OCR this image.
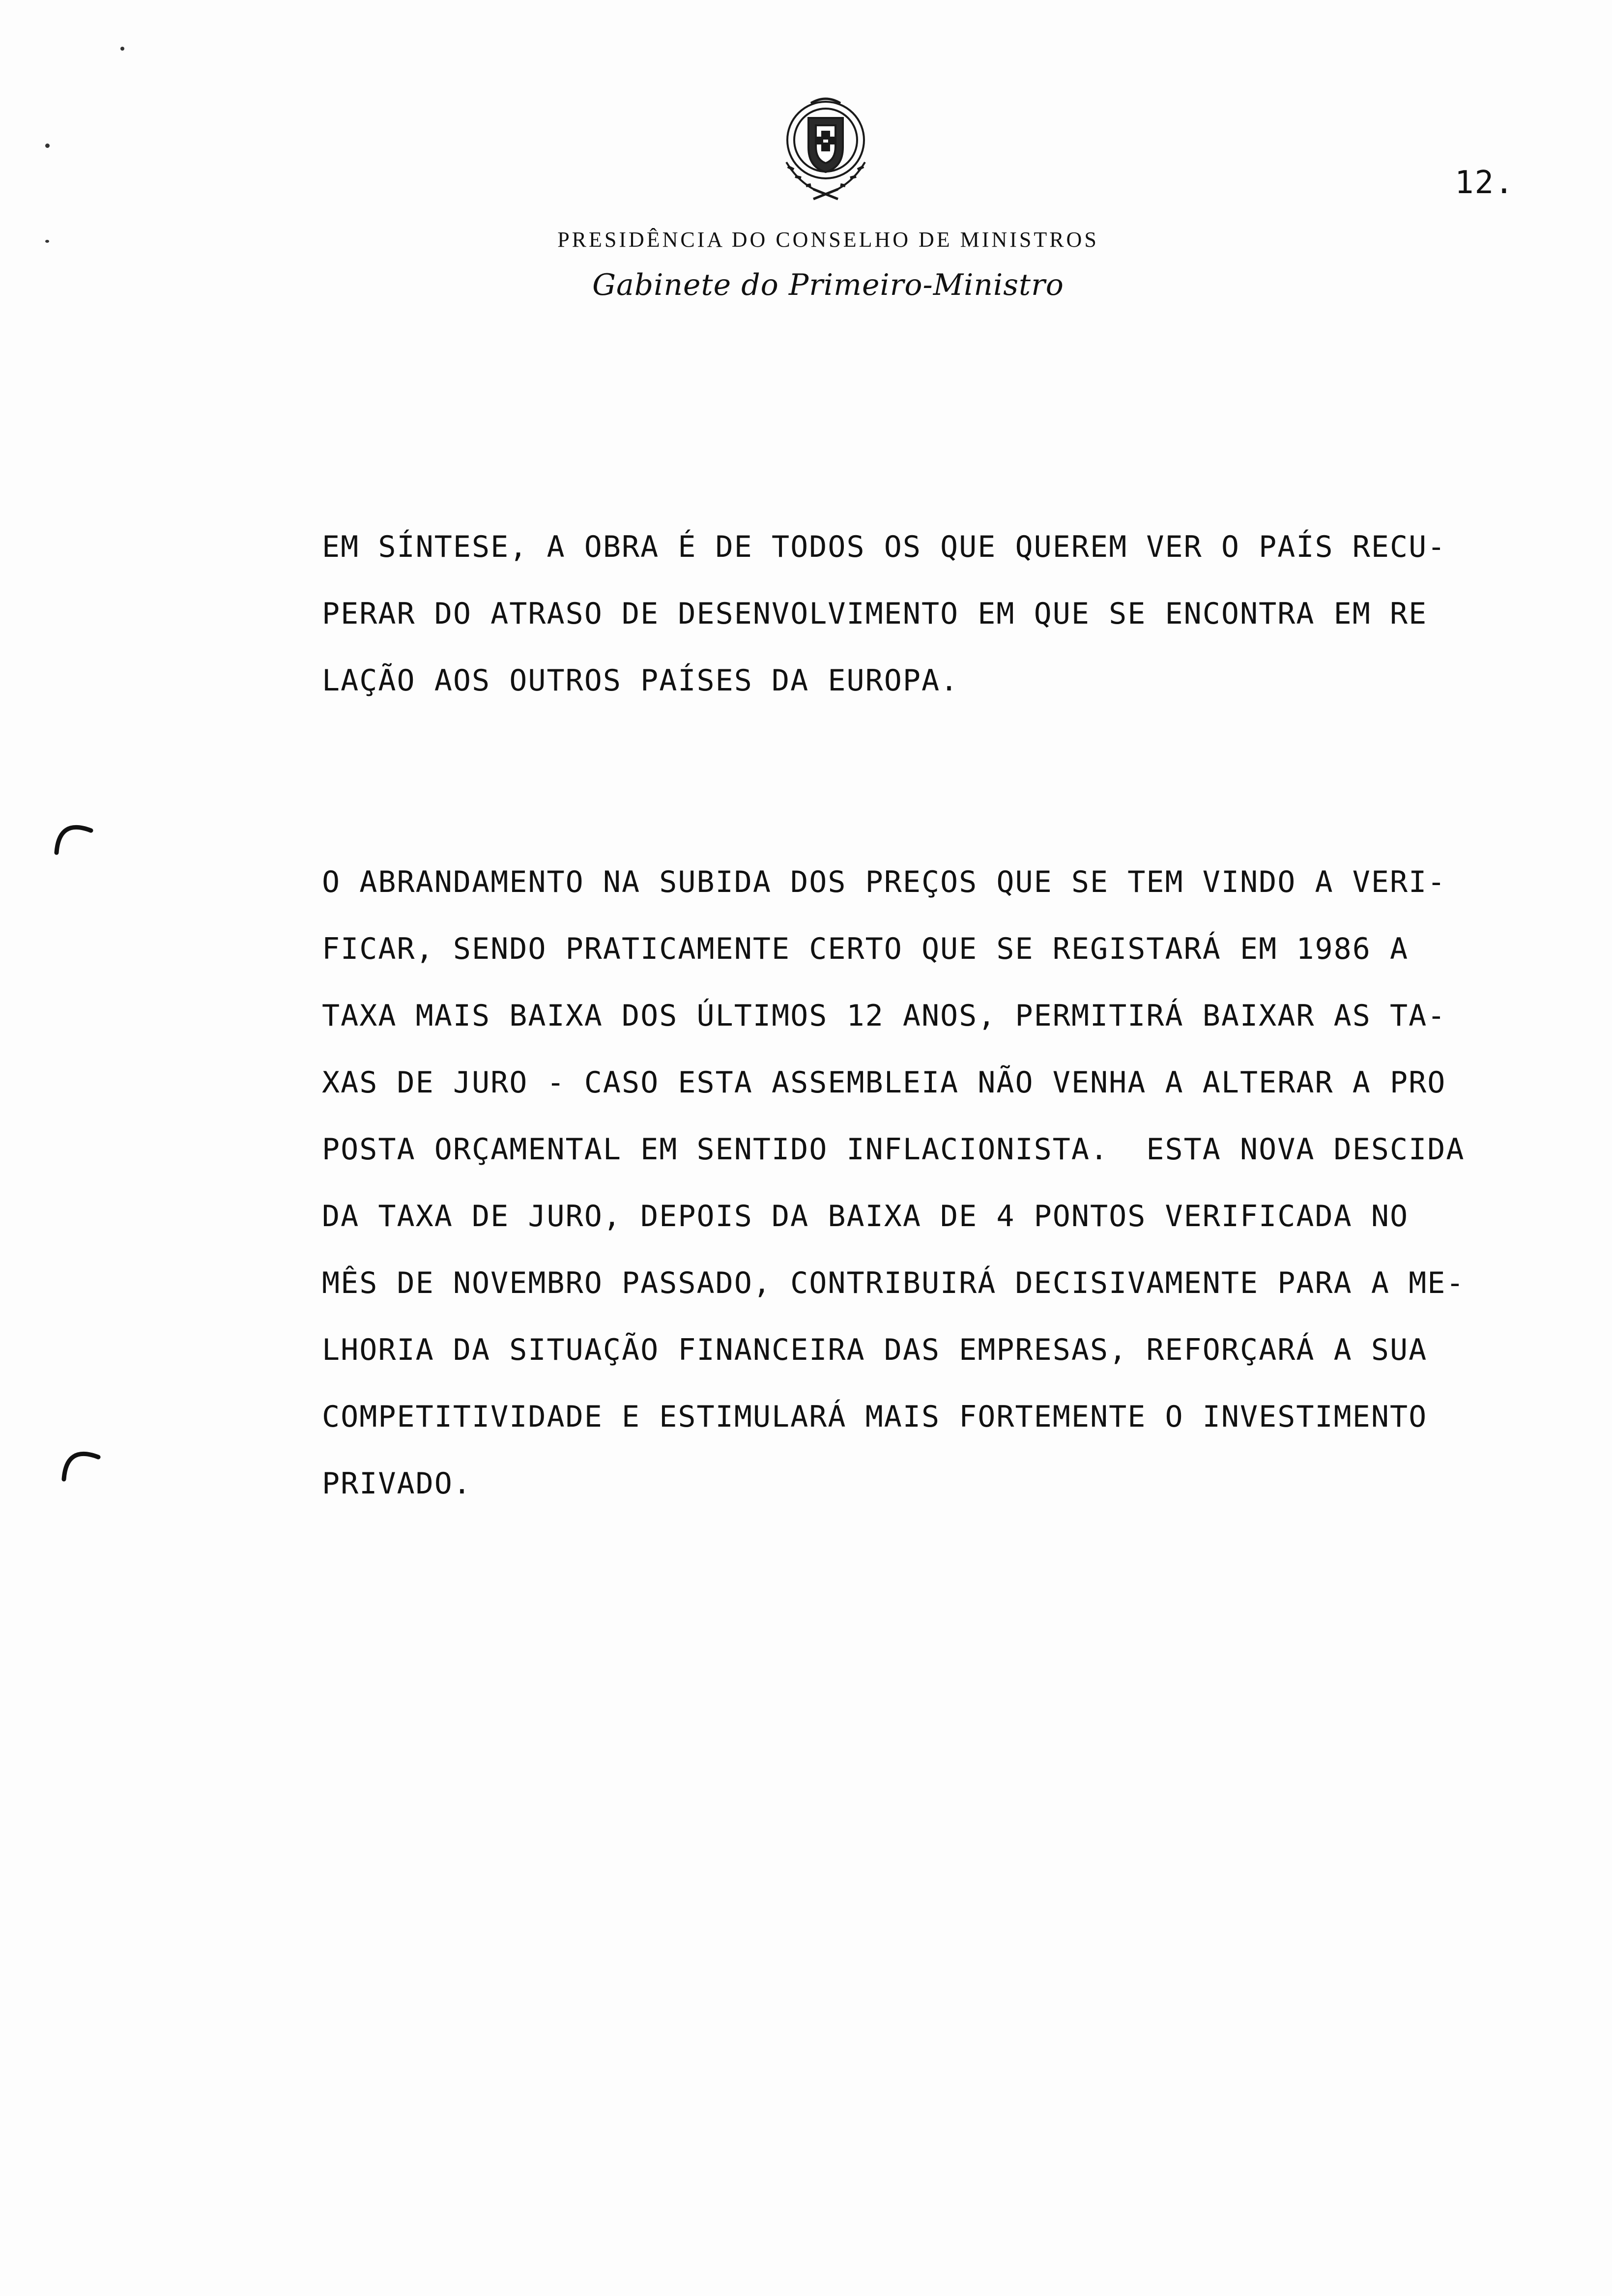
12.
PRESIDÊNCIA DO CONSELHO DE MINISTROS
Gabinete do Primeiro-Ministro
EM SÍNTESE, A OBRA É DE TODOS OS QUE QUEREM VER O PAÍS RECU-
PERAR DO ATRASO DE DESENVOLVIMENTO EM QUE SE ENCONTRA EM RE
LAÇÃO AOS OUTROS PAÍSES DA EUROPA.
O ABRANDAMENTO NA SUBIDA DOS PREÇOS QUE SE TEM VINDO A VERI-
FICAR, SENDO PRATICAMENTE CERTO QUE SE REGISTARÁ EM 1986 A
TAXA MAIS BAIXA DOS ÚLTIMOS 12 ANOS, PERMITIRÁ BAIXAR AS TA-
XAS DE JURO - CASO ESTA ASSEMBLEIA NÃO VENHA A ALTERAR A PRO
POSTA ORÇAMENTAL EM SENTIDO INFLACIONISTA.  ESTA NOVA DESCIDA
DA TAXA DE JURO, DEPOIS DA BAIXA DE 4 PONTOS VERIFICADA NO
MÊS DE NOVEMBRO PASSADO, CONTRIBUIRÁ DECISIVAMENTE PARA A ME-
LHORIA DA SITUAÇÃO FINANCEIRA DAS EMPRESAS, REFORÇARÁ A SUA
COMPETITIVIDADE E ESTIMULARÁ MAIS FORTEMENTE O INVESTIMENTO
PRIVADO.
